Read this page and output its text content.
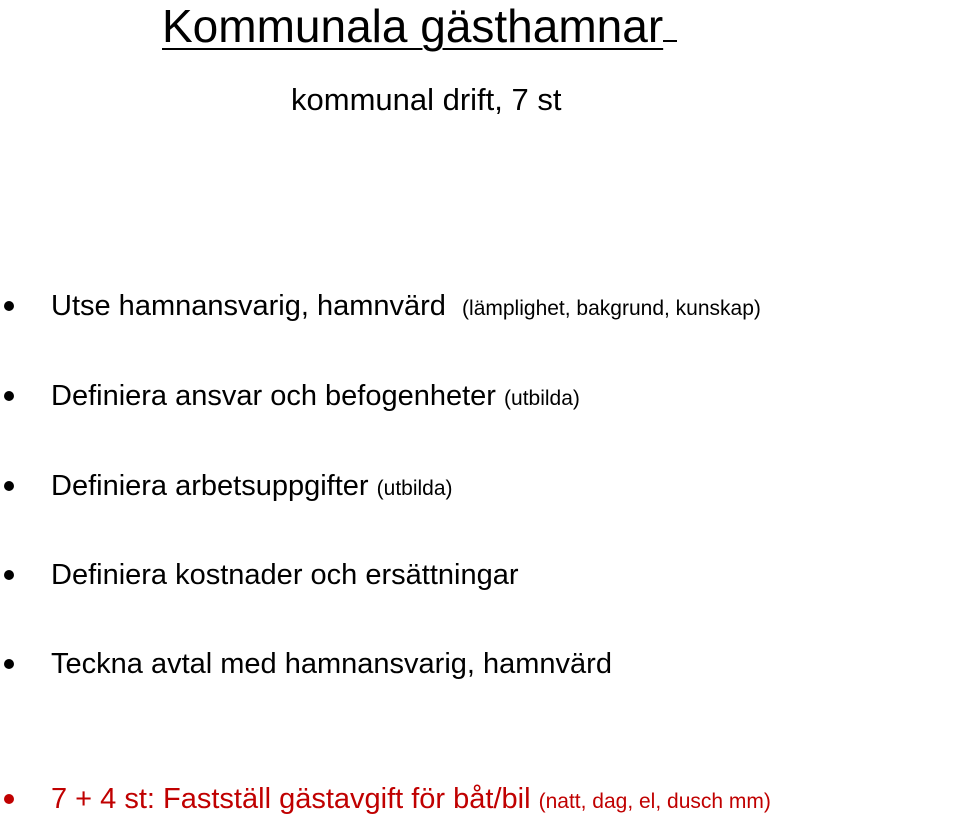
Kommunala gästhamnar
kommunal drift, 7 st
Utse hamnansvarig, hamnvärd (lämplighet, bakgrund, kunskap)
Definiera ansvar och befogenheter (utbilda)
Definiera arbetsuppgifter (utbilda)
Definiera kostnader och ersättningar
Teckna avtal med hamnansvarig, hamnvärd
7 + 4 st: Fastställ gästavgift för båt/bil (natt, dag, el, dusch mm)
